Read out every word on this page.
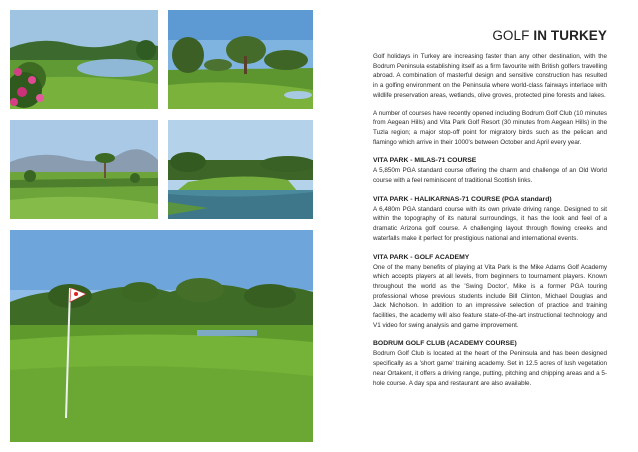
GOLF IN TURKEY

Golf holidays in Turkey are increasing faster than any other destination, with the Bodrum Peninsula establishing itself as a firm favourite with British golfers travelling abroad. A combination of masterful design and sensitive construction has resulted in a golfing environment on the Peninsula where world-class fairways interlace with wildlife preservation areas, wetlands, olive groves, protected pine forests and lakes.

A number of courses have recently opened including Bodrum Golf Club (10 minutes from Aegean Hills) and Vita Park Golf Resort (30 minutes from Aegean Hills) in the Tuzla region; a major stop-off point for migratory birds such as the pelican and flamingo which arrive in their 1000's between October and April every year.

VITA PARK - MILAS-71 COURSE

A 5,850m PGA standard course offering the charm and challenge of an Old World course with a feel reminiscent of traditional Scottish links.

VITA PARK - HALIKARNAS-71 COURSE (PGA standard)

A 6,480m PGA standard course with its own private driving range. Designed to sit within the topography of its natural surroundings, it has the look and feel of a dramatic Arizona golf course. A challenging layout through flowing creeks and waterfalls make it perfect for prestigious national and international events.

VITA PARK - GOLF ACADEMY

One of the many benefits of playing at Vita Park is the Mike Adams Golf Academy which accepts players at all levels, from beginners to tournament players. Known throughout the world as the 'Swing Doctor', Mike is a former PGA touring professional whose previous students include Bill Clinton, Michael Douglas and Jack Nicholson. In addition to an impressive selection of practice and training facilities, the academy will also feature state-of-the-art instructional technology and V1 video for swing analysis and game improvement.

BODRUM GOLF CLUB (ACADEMY COURSE)

Bodrum Golf Club is located at the heart of the Peninsula and has been designed specifically as a 'short game' training academy. Set in 12.5 acres of lush vegetation near Ortakent, it offers a driving range, putting, pitching and chipping areas and a 5-hole course. A day spa and restaurant are also available.
